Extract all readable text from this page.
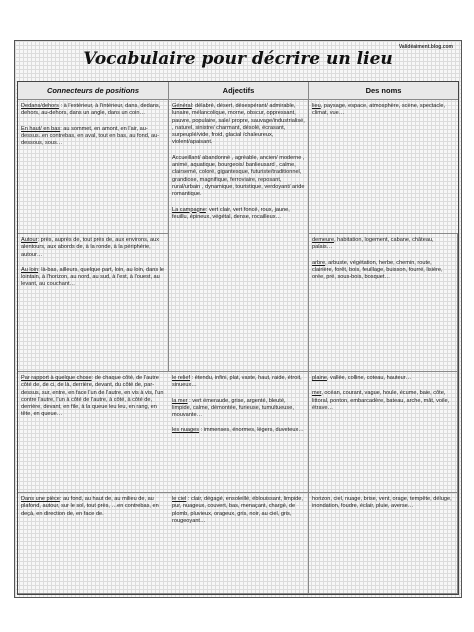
Validéaiment.blog.com
Vocabulaire pour décrire un lieu
Connecteurs de positions	Adjectifs	Des noms
Dedans/dehors : à l'extérieur, à l'intérieur, dans, dedans, dehors, au-dehors, dans un angle, dans un coin…
En haut/ en bas: au sommet, en amont, en l'air, au-dessus..en contrebas, en aval, tout en bas, au fond, au-dessous, sous…
Général: délabré, désert, désespérant/ admirable, lunaire, mélancolique, morne, obscur, oppressant, pauvre, populaire, sale/ propre, sauvage/industrialisé, , naturel, sinistre/ charmant, désolé, écrasant, surpeuplé/vide, froid, glacial /chaleureux, violent/apaisant.
Accueillant/ abandonné , agréable, ancien/ moderne , animé, aquatique, bourgeois/ banlieusard , calme, clairsemé, coloré, gigantesque, futuriste/traditionnel, grandiose, magnifique, ferroviaire, reposant, rural/urbain , dynamique, touristique, verdoyant/ aride romantique.
La campagne: vert clair, vert foncé, roux, jaune, feuillu, épineux, végétal, dense, rocailleux…
lieu, paysage, espace, atmosphère, scène, spectacle, climat, vue…
Autour: près, auprès de, tout près de, aux environs, aux alentours, aux abords de, à la ronde, à la périphérie, autour…
Au loin: là-bas, ailleurs, quelque part, loin, au loin, dans le lointain, à l'horizon, au nord, au sud, à l'est, à l'ouest, au levant, au couchant…
demeure, habitation, logement, cabane, château, palais…
arbre, arbuste, végétation, herbe, chemin, route, clairière, forêt, bois, feuillage, buisson, fourré, lisière, orée, pré, sous-bois, bosquet…
Par rapport à quelque chose: de chaque côté, de l'autre côté de, de ci, de là, derrière, devant, du côté de, par-dessus, sur, entre, en face l'un de l'autre, en vis à vis, l'un contre l'autre, l'un à côté de l'autre, à côté, à côté de, derrière, devant, en file, à la queue leu leu, en rang, en tête, en queue…
le relief : étendu, infini, plat, vaste, haut, raide, étroit, sinueux…
la mer : vert émeraude, grise, argenté, bleuté, limpide, calme, démontée, furieuse, tumultueuse, mouvante…
les nuages : immenses, énormes, légers, duveteux…
plaine, vallée, colline, coteau, hauteur…
mer, océan, courant, vague, houle, écume, baie, côte, littoral, ponton, embarcadère, bateau, arche, mât, voile, étrave…
Dans une pièce: au fond, au haut de, au milieu de, au plafond, autour, sur le sol, tout près, …en contrebas, en deçà, en direction de, en face de.
le ciel : clair, dégagé, ensoleillé, éblouissant, limpide, pur, nuageux, couvert, bas, menaçant, chargé, de plomb, pluvieux, orageux, gris, noir, au ciel, gris, rougeoyant…
horizon, ciel, nuage, brise, vent, orage, tempête, déluge, inondation, foudre, éclair, pluie, averse…
